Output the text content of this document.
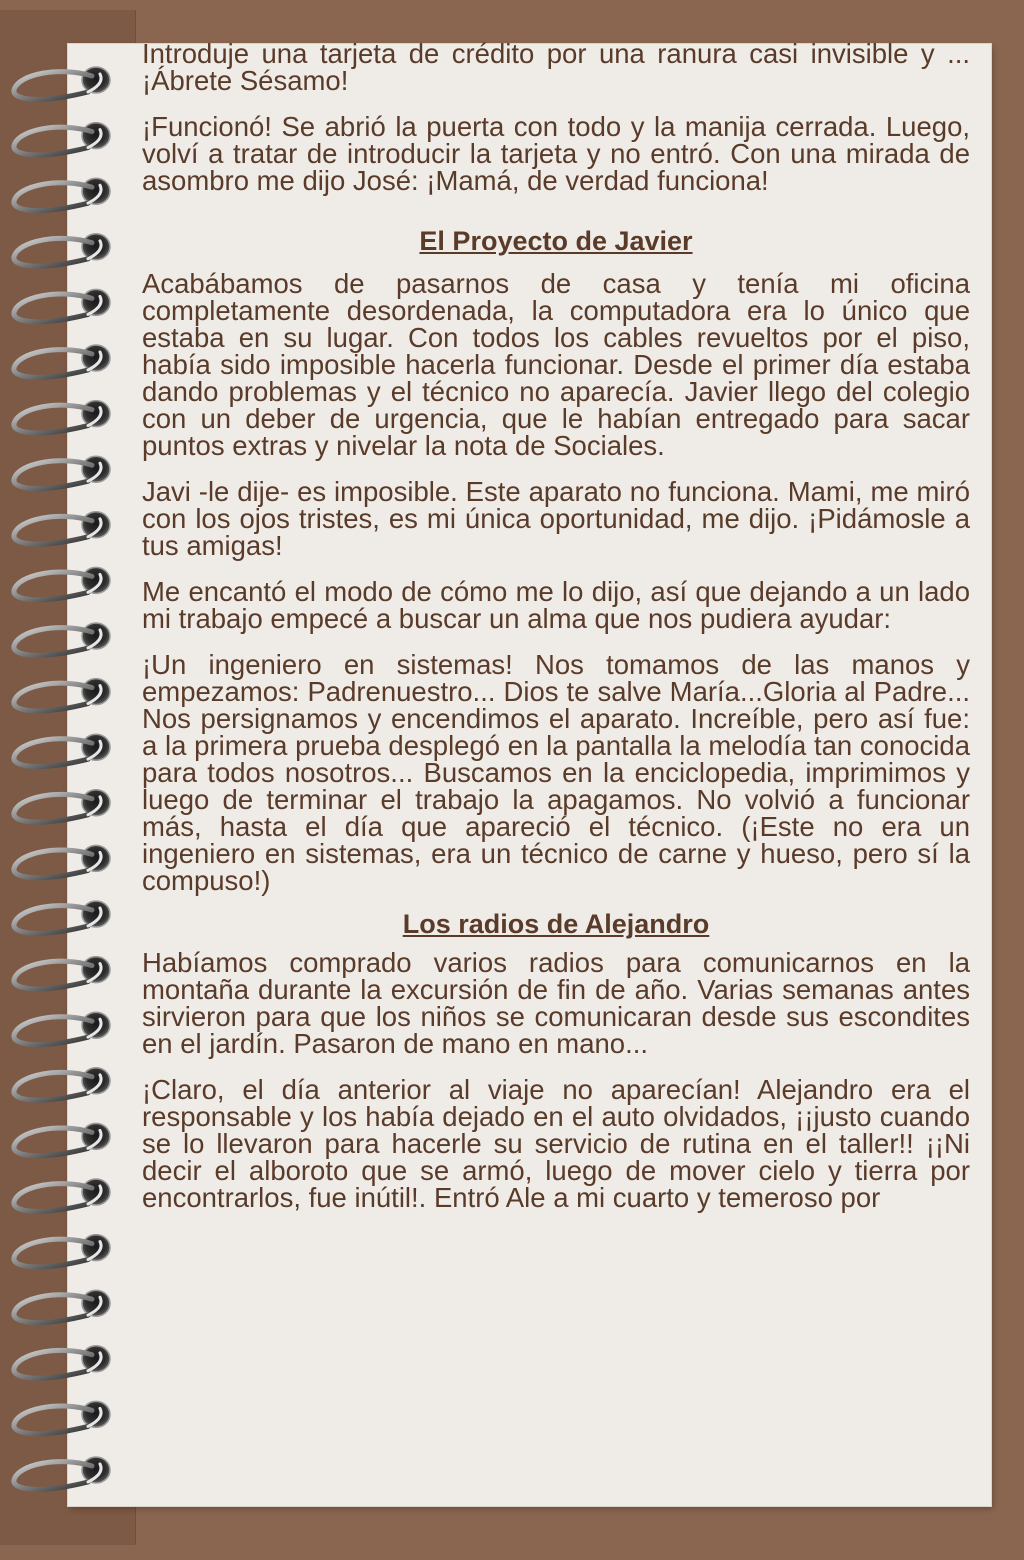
Introduje una tarjeta de crédito por una ranura casi invisible y ...¡Ábrete Sésamo!

¡Funcionó! Se abrió la puerta con todo y la manija cerrada. Luego, volví a tratar de introducir la tarjeta y no entró. Con una mirada de asombro me dijo José: ¡Mamá, de verdad funciona!

El Proyecto de Javier

Acabábamos de pasarnos de casa y tenía mi oficina completamente desordenada, la computadora era lo único que estaba en su lugar. Con todos los cables revueltos por el piso, había sido imposible hacerla funcionar. Desde el primer día estaba dando problemas y el técnico no aparecía. Javier llego del colegio con un deber de urgencia, que le habían entregado para sacar puntos extras y nivelar la nota de Sociales.

Javi -le dije- es imposible. Este aparato no funciona. Mami, me miró con los ojos tristes, es mi única oportunidad, me dijo. ¡Pidámosle a tus amigas!

Me encantó el modo de cómo me lo dijo, así que dejando a un lado mi trabajo empecé a buscar un alma que nos pudiera ayudar:

¡Un ingeniero en sistemas! Nos tomamos de las manos y empezamos: Padrenuestro... Dios te salve María...Gloria al Padre... Nos persignamos y encendimos el aparato. Increíble, pero así fue: a la primera prueba desplegó en la pantalla la melodía tan conocida para todos nosotros... Buscamos en la enciclopedia, imprimimos y luego de terminar el trabajo la apagamos. No volvió a funcionar más, hasta el día que apareció el técnico. (¡Este no era un ingeniero en sistemas, era un técnico de carne y hueso, pero sí la compuso!)

Los radios de Alejandro

Habíamos comprado varios radios para comunicarnos en la montaña durante la excursión de fin de año. Varias semanas antes sirvieron para que los niños se comunicaran desde sus escondites en el jardín. Pasaron de mano en mano...

¡Claro, el día anterior al viaje no aparecían! Alejandro era el responsable y los había dejado en el auto olvidados, ¡¡justo cuando se lo llevaron para hacerle su servicio de rutina en el taller!! ¡¡Ni decir el alboroto que se armó, luego de mover cielo y tierra por encontrarlos, fue inútil!. Entró Ale a mi cuarto y temeroso por
